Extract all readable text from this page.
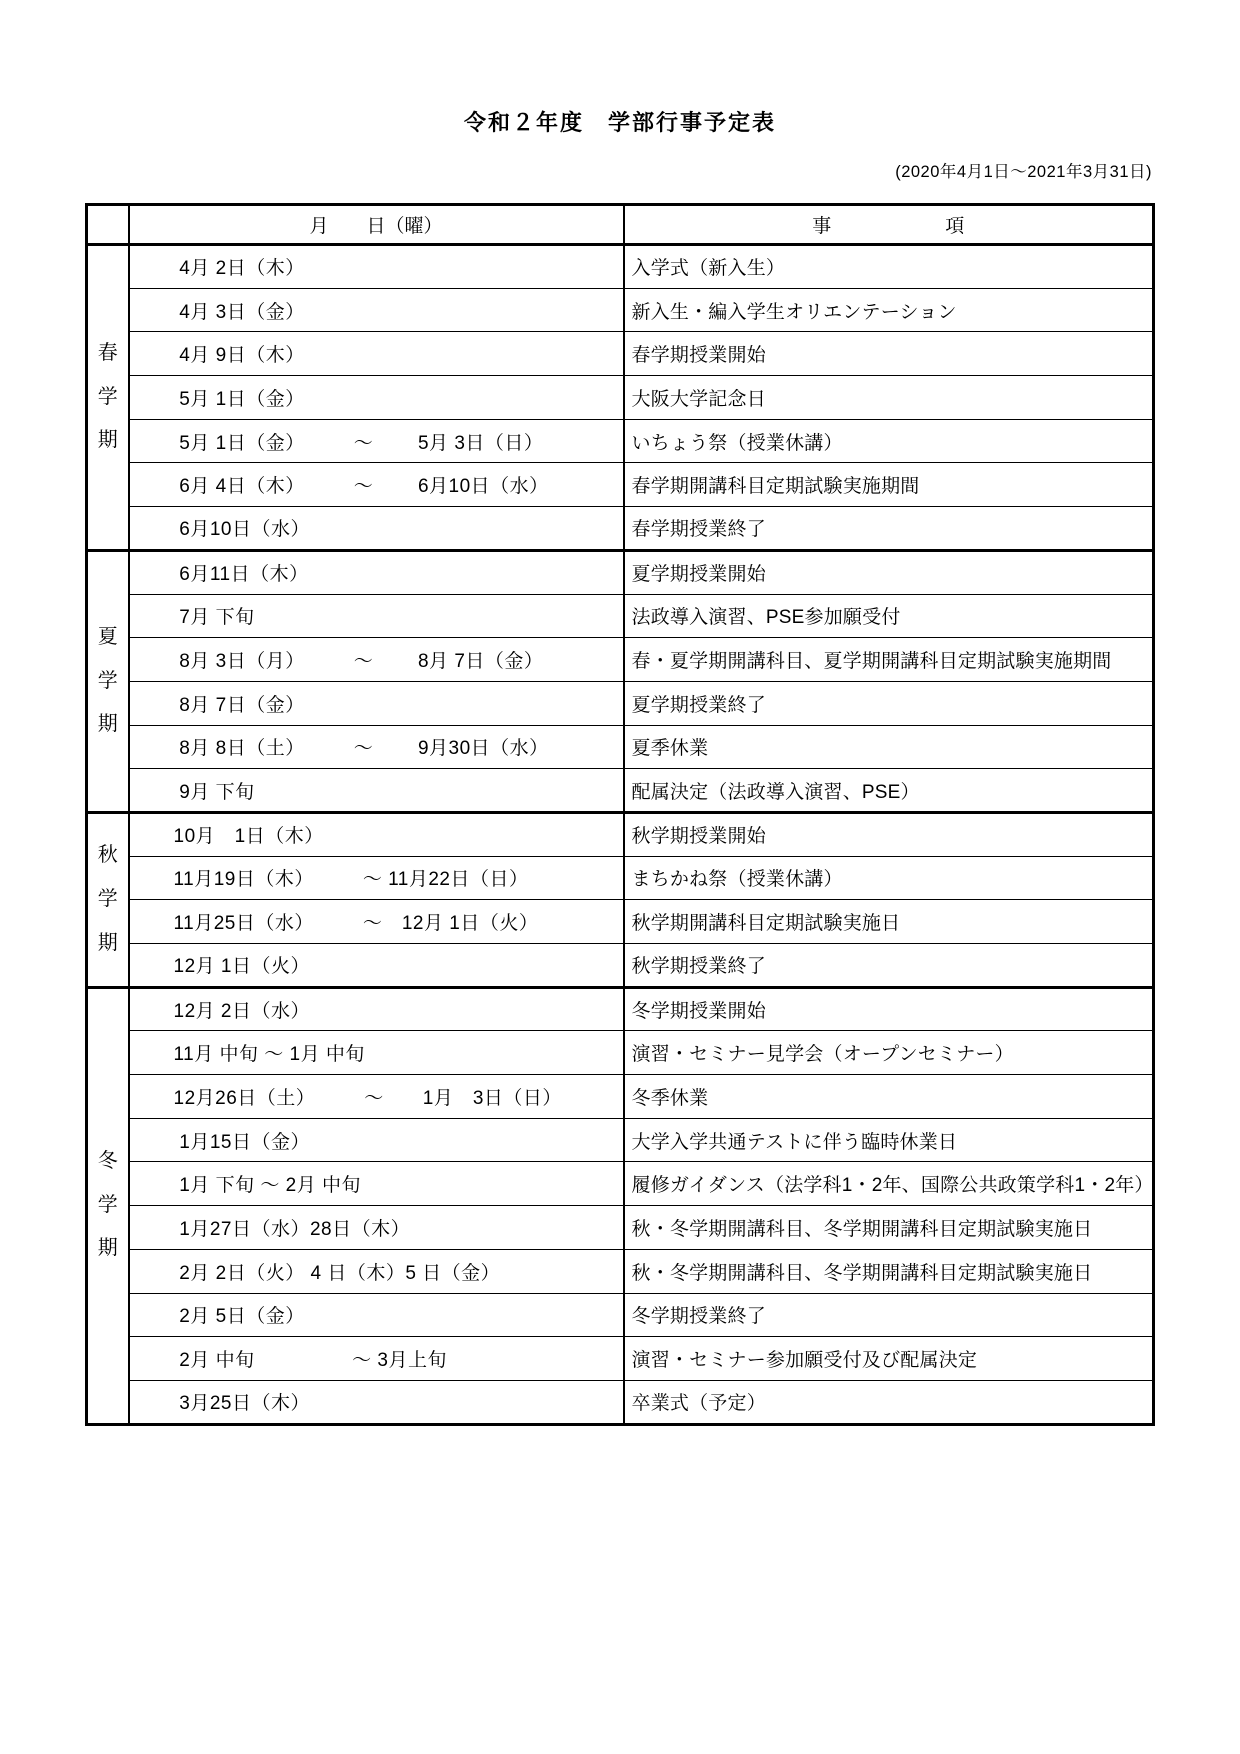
令和２年度　学部行事予定表
(2020年4月1日～2021年3月31日)
	月　　日（曜）	事　　　　　　項

春学期	4月 2日（木）	入学式（新入生）
	4月 3日（金）	新入生・編入学生オリエンテーション
	4月 9日（木）	春学期授業開始
	5月 1日（金）	大阪大学記念日
	5月 1日（金）　　　～　　 5月 3日（日）	いちょう祭（授業休講）
	6月 4日（木）　　　～　　 6月10日（水）	春学期開講科目定期試験実施期間
	6月10日（水）	春学期授業終了

夏学期	6月11日（木）	夏学期授業開始
	7月 下旬	法政導入演習、PSE参加願受付
	8月 3日（月）　　　～　　 8月 7日（金）	春・夏学期開講科目、夏学期開講科目定期試験実施期間
	8月 7日（金）	夏学期授業終了
	8月 8日（土）　　　～　　 9月30日（水）	夏季休業
	9月 下旬	配属決定（法政導入演習、PSE）

秋学期	10月　1日（木）	秋学期授業開始
	11月19日（木）　　　～ 11月22日（日）	まちかね祭（授業休講）
	11月25日（水）　　　～　12月 1日（火）	秋学期開講科目定期試験実施日
	12月 1日（火）	秋学期授業終了

冬学期	12月 2日（水）	冬学期授業開始
	11月 中旬 ～ 1月 中旬	演習・セミナー見学会（オープンセミナー）
	12月26日（土）　　　～　　1月　3日（日）	冬季休業
	1月15日（金）	大学入学共通テストに伴う臨時休業日
	1月 下旬 ～ 2月 中旬	履修ガイダンス（法学科1・2年、国際公共政策学科1・2年）
	1月27日（水）28日（木）	秋・冬学期開講科目、冬学期開講科目定期試験実施日
	2月 2日（火） 4 日（木）5 日（金）	秋・冬学期開講科目、冬学期開講科目定期試験実施日
	2月 5日（金）	冬学期授業終了
	2月 中旬　　　　　～ 3月上旬	演習・セミナー参加願受付及び配属決定
	3月25日（木）	卒業式（予定）
